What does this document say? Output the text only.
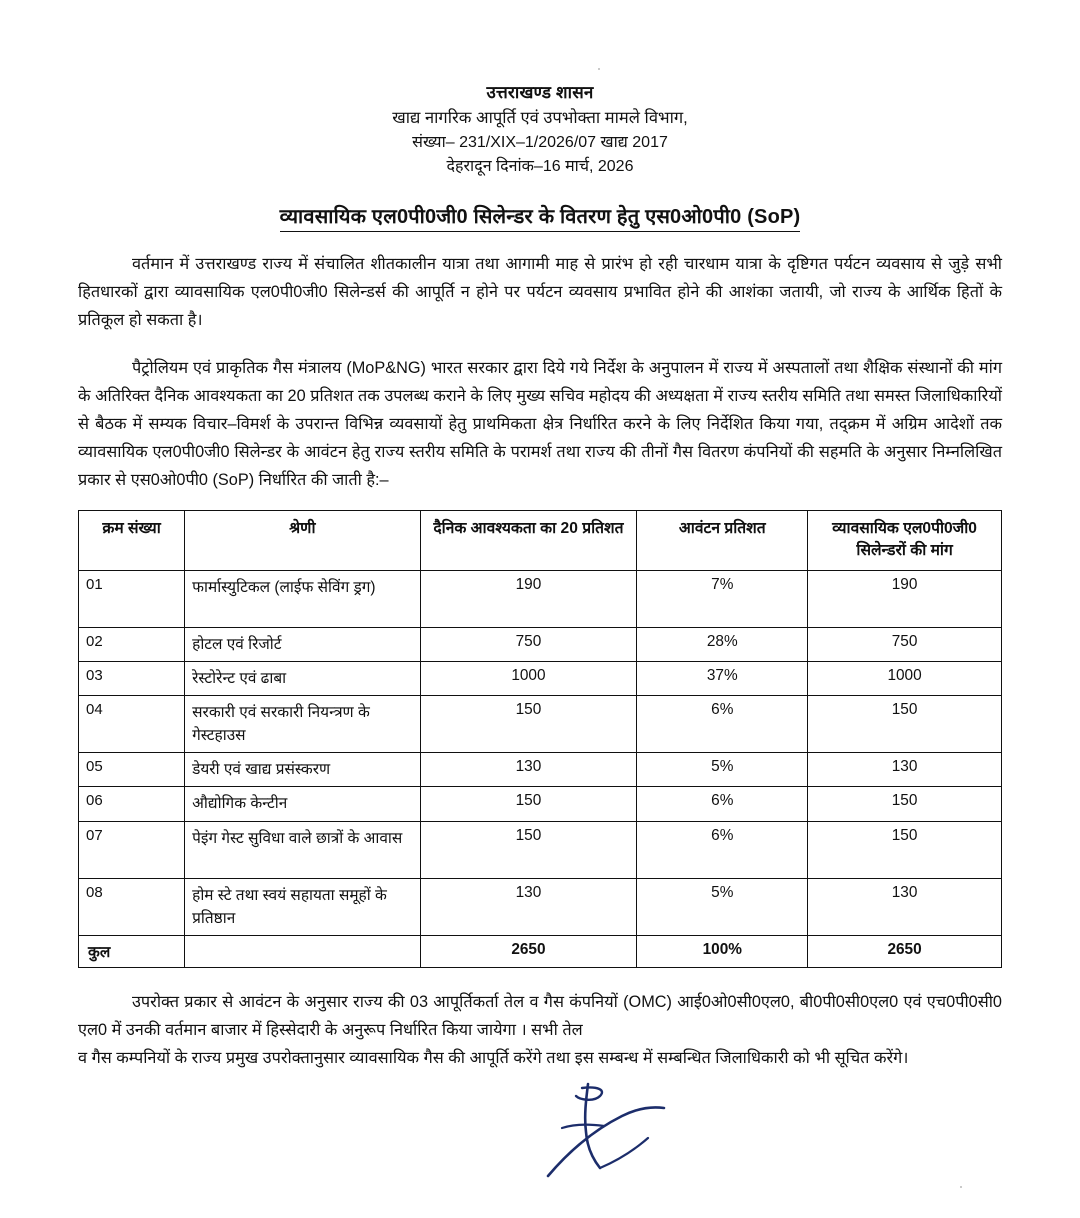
उत्तराखण्ड शासन
खाद्य नागरिक आपूर्ति एवं उपभोक्ता मामले विभाग,
संख्या– 231/XIX–1/2026/07 खाद्य 2017
देहरादून दिनांक–16 मार्च, 2026
व्यावसायिक एल0पी0जी0 सिलेन्डर के वितरण हेतु एस0ओ0पी0 (SoP)

वर्तमान में उत्तराखण्ड राज्य में संचालित शीतकालीन यात्रा तथा आगामी माह से प्रारंभ हो रही चारधाम यात्रा के दृष्टिगत पर्यटन व्यवसाय से जुड़े सभी हितधारकों द्वारा व्यावसायिक एल0पी0जी0 सिलेन्डर्स की आपूर्ति न होने पर पर्यटन व्यवसाय प्रभावित होने की आशंका जतायी, जो राज्य के आर्थिक हितों के प्रतिकूल हो सकता है।

पैट्रोलियम एवं प्राकृतिक गैस मंत्रालय (MoP&NG) भारत सरकार द्वारा दिये गये निर्देश के अनुपालन में राज्य में अस्पतालों तथा शैक्षिक संस्थानों की मांग के अतिरिक्त दैनिक आवश्यकता का 20 प्रतिशत तक उपलब्ध कराने के लिए मुख्य सचिव महोदय की अध्यक्षता में राज्य स्तरीय समिति तथा समस्त जिलाधिकारियों से बैठक में सम्यक विचार–विमर्श के उपरान्त विभिन्न व्यवसायों हेतु प्राथमिकता क्षेत्र निर्धारित करने के लिए निर्देशित किया गया, तद्क्रम में अग्रिम आदेशों तक व्यावसायिक एल0पी0जी0 सिलेन्डर के आवंटन हेतु राज्य स्तरीय समिति के परामर्श तथा राज्य की तीनों गैस वितरण कंपनियों की सहमति के अनुसार निम्नलिखित प्रकार से एस0ओ0पी0 (SoP) निर्धारित की जाती है:–

क्रम संख्या	श्रेणी	दैनिक आवश्यकता का 20 प्रतिशत	आवंटन प्रतिशत	व्यावसायिक एल0पी0जी0 सिलेन्डरों की मांग
01	फार्मास्युटिकल (लाईफ सेविंग ड्रग)	190	7%	190
02	होटल एवं रिजोर्ट	750	28%	750
03	रेस्टोरेन्ट एवं ढाबा	1000	37%	1000
04	सरकारी एवं सरकारी नियन्त्रण के गेस्टहाउस	150	6%	150
05	डेयरी एवं खाद्य प्रसंस्करण	130	5%	130
06	औद्योगिक केन्टीन	150	6%	150
07	पेइंग गेस्ट सुविधा वाले छात्रों के आवास	150	6%	150
08	होम स्टे तथा स्वयं सहायता समूहों के प्रतिष्ठान	130	5%	130
कुल		2650	100%	2650

उपरोक्त प्रकार से आवंटन के अनुसार राज्य की 03 आपूर्तिकर्ता तेल व गैस कंपनियों (OMC) आई0ओ0सी0एल0, बी0पी0सी0एल0 एवं एच0पी0सी0 एल0 में उनकी वर्तमान बाजार में हिस्सेदारी के अनुरूप निर्धारित किया जायेगा । सभी तेल

व गैस कम्पनियों के राज्य प्रमुख उपरोक्तानुसार व्यावसायिक गैस की आपूर्ति करेंगे तथा इस सम्बन्ध में सम्बन्धित जिलाधिकारी को भी सूचित करेंगे।
